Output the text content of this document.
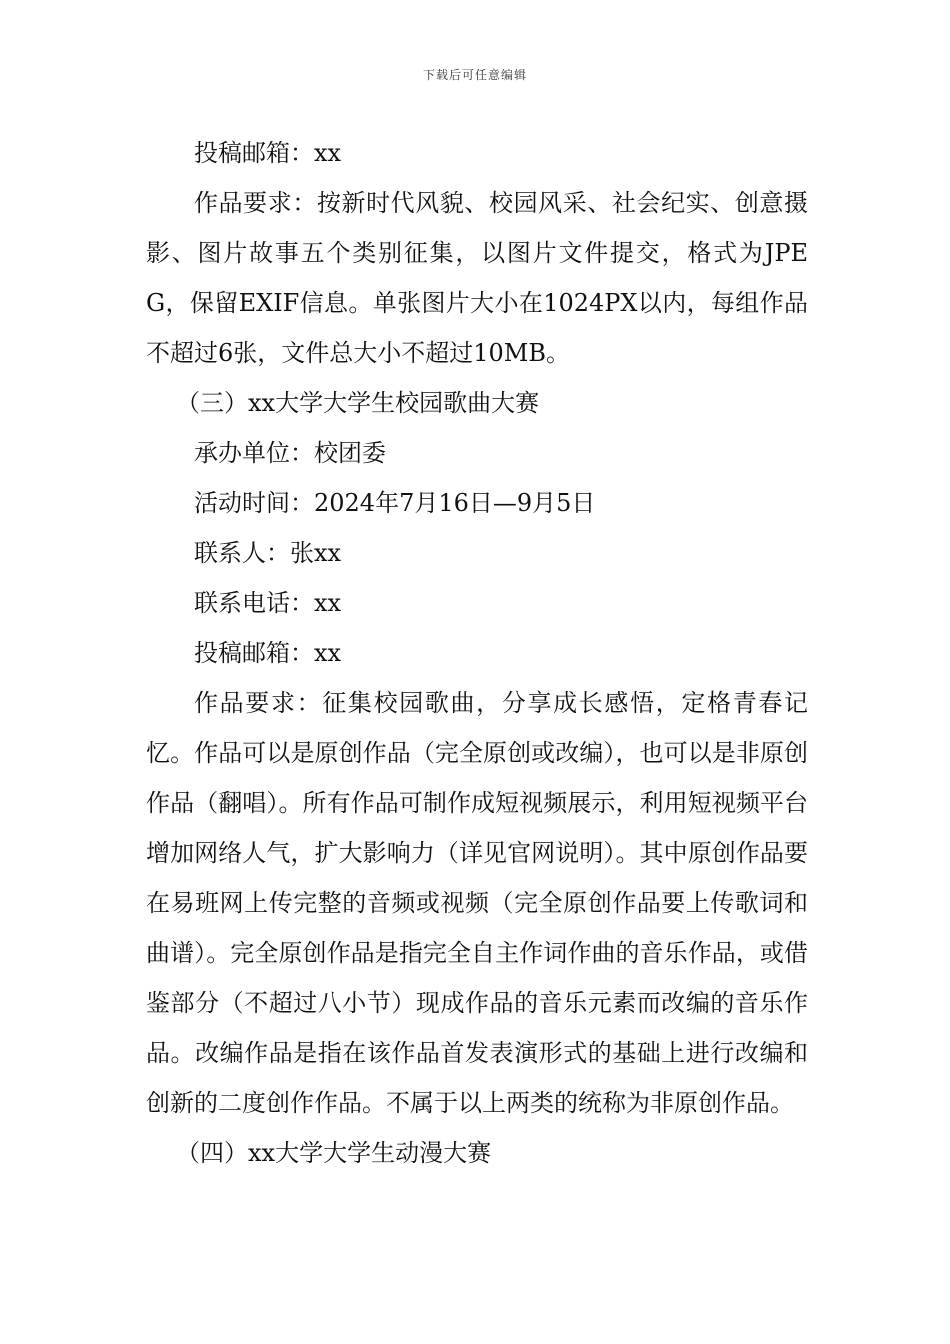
下载后可任意编辑

投稿邮箱：xx

作品要求：按新时代风貌、校园风采、社会纪实、创意摄影、图片故事五个类别征集，以图片文件提交，格式为JPEG，保留EXIF信息。单张图片大小在1024PX以内，每组作品不超过6张，文件总大小不超过10MB。

（三）xx大学大学生校园歌曲大赛

承办单位：校团委

活动时间：2024年7月16日—9月5日

联系人：张xx

联系电话：xx

投稿邮箱：xx

作品要求：征集校园歌曲，分享成长感悟，定格青春记忆。作品可以是原创作品（完全原创或改编），也可以是非原创作品（翻唱）。所有作品可制作成短视频展示，利用短视频平台增加网络人气，扩大影响力（详见官网说明）。其中原创作品要在易班网上传完整的音频或视频（完全原创作品要上传歌词和曲谱）。完全原创作品是指完全自主作词作曲的音乐作品，或借鉴部分（不超过八小节）现成作品的音乐元素而改编的音乐作品。改编作品是指在该作品首发表演形式的基础上进行改编和创新的二度创作作品。不属于以上两类的统称为非原创作品。

（四）xx大学大学生动漫大赛
